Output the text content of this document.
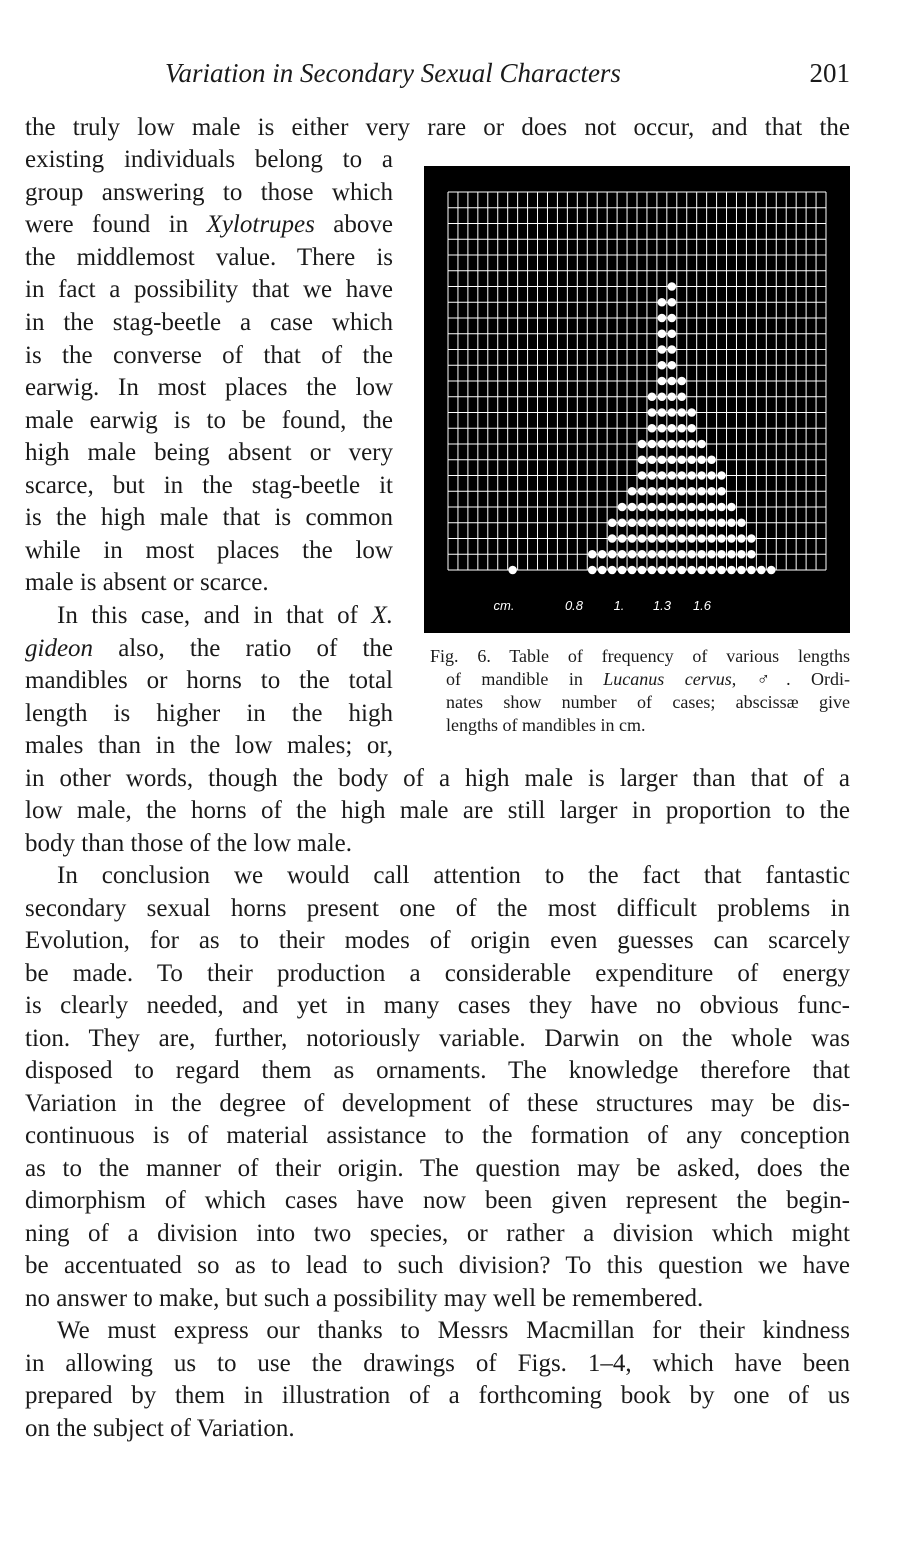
Variation in Secondary Sexual Characters	201
the truly low male is either very rare or does not occur, and that the
existing individuals belong to a
group answering to those which
were found in Xylotrupes above
the middlemost value. There is
in fact a possibility that we have
in the stag-beetle a case which
is the converse of that of the
earwig. In most places the low
male earwig is to be found, the
high male being absent or very
scarce, but in the stag-beetle it
is the high male that is common
while in most places the low
male is absent or scarce.
In this case, and in that of X.
gideon also, the ratio of the
mandibles or horns to the total
length is higher in the high
males than in the low males; or,
in other words, though the body of a high male is larger than that of a
low male, the horns of the high male are still larger in proportion to the
body than those of the low male.
In conclusion we would call attention to the fact that fantastic
secondary sexual horns present one of the most difficult problems in
Evolution, for as to their modes of origin even guesses can scarcely
be made. To their production a considerable expenditure of energy
is clearly needed, and yet in many cases they have no obvious func-
tion. They are, further, notoriously variable. Darwin on the whole was
disposed to regard them as ornaments. The knowledge therefore that
Variation in the degree of development of these structures may be dis-
continuous is of material assistance to the formation of any conception
as to the manner of their origin. The question may be asked, does the
dimorphism of which cases have now been given represent the begin-
ning of a division into two species, or rather a division which might
be accentuated so as to lead to such division? To this question we have
no answer to make, but such a possibility may well be remembered.
We must express our thanks to Messrs Macmillan for their kindness
in allowing us to use the drawings of Figs. 1–4, which have been
prepared by them in illustration of a forthcoming book by one of us
on the subject of Variation.
cm.	0.8 1. 1.3 1.6
Fig. 6. Table of frequency of various lengths
of mandible in Lucanus cervus, ♂. Ordi-
nates show number of cases; abscissæ give
lengths of mandibles in cm.
